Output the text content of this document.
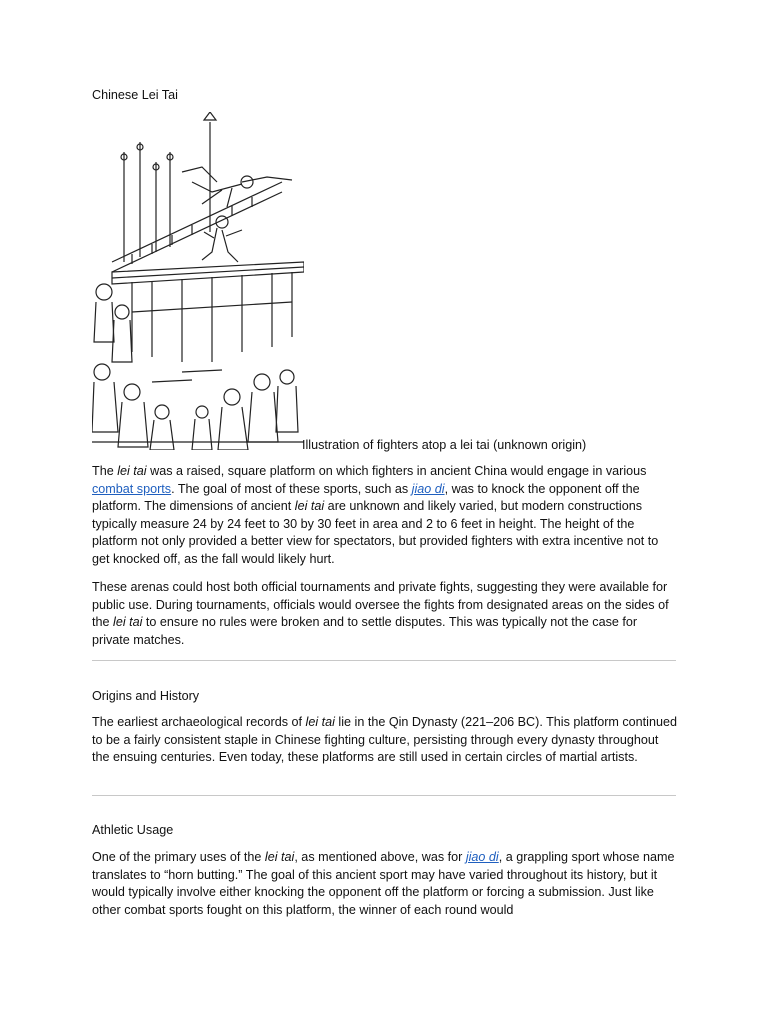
Chinese Lei Tai
Illustration of fighters atop a lei tai (unknown origin)

The lei tai was a raised, square platform on which fighters in ancient China would engage in various combat sports. The goal of most of these sports, such as jiao di, was to knock the opponent off the platform. The dimensions of ancient lei tai are unknown and likely varied, but modern constructions typically measure 24 by 24 feet to 30 by 30 feet in area and 2 to 6 feet in height. The height of the platform not only provided a better view for spectators, but provided fighters with extra incentive not to get knocked off, as the fall would likely hurt.

These arenas could host both official tournaments and private fights, suggesting they were available for public use. During tournaments, officials would oversee the fights from designated areas on the sides of the lei tai to ensure no rules were broken and to settle disputes. This was typically not the case for private matches.

Origins and History

The earliest archaeological records of lei tai lie in the Qin Dynasty (221–206 BC). This platform continued to be a fairly consistent staple in Chinese fighting culture, persisting through every dynasty throughout the ensuing centuries. Even today, these platforms are still used in certain circles of martial artists.

Athletic Usage

One of the primary uses of the lei tai, as mentioned above, was for jiao di, a grappling sport whose name translates to “horn butting.” The goal of this ancient sport may have varied throughout its history, but it would typically involve either knocking the opponent off the platform or forcing a submission. Just like other combat sports fought on this platform, the winner of each round would
